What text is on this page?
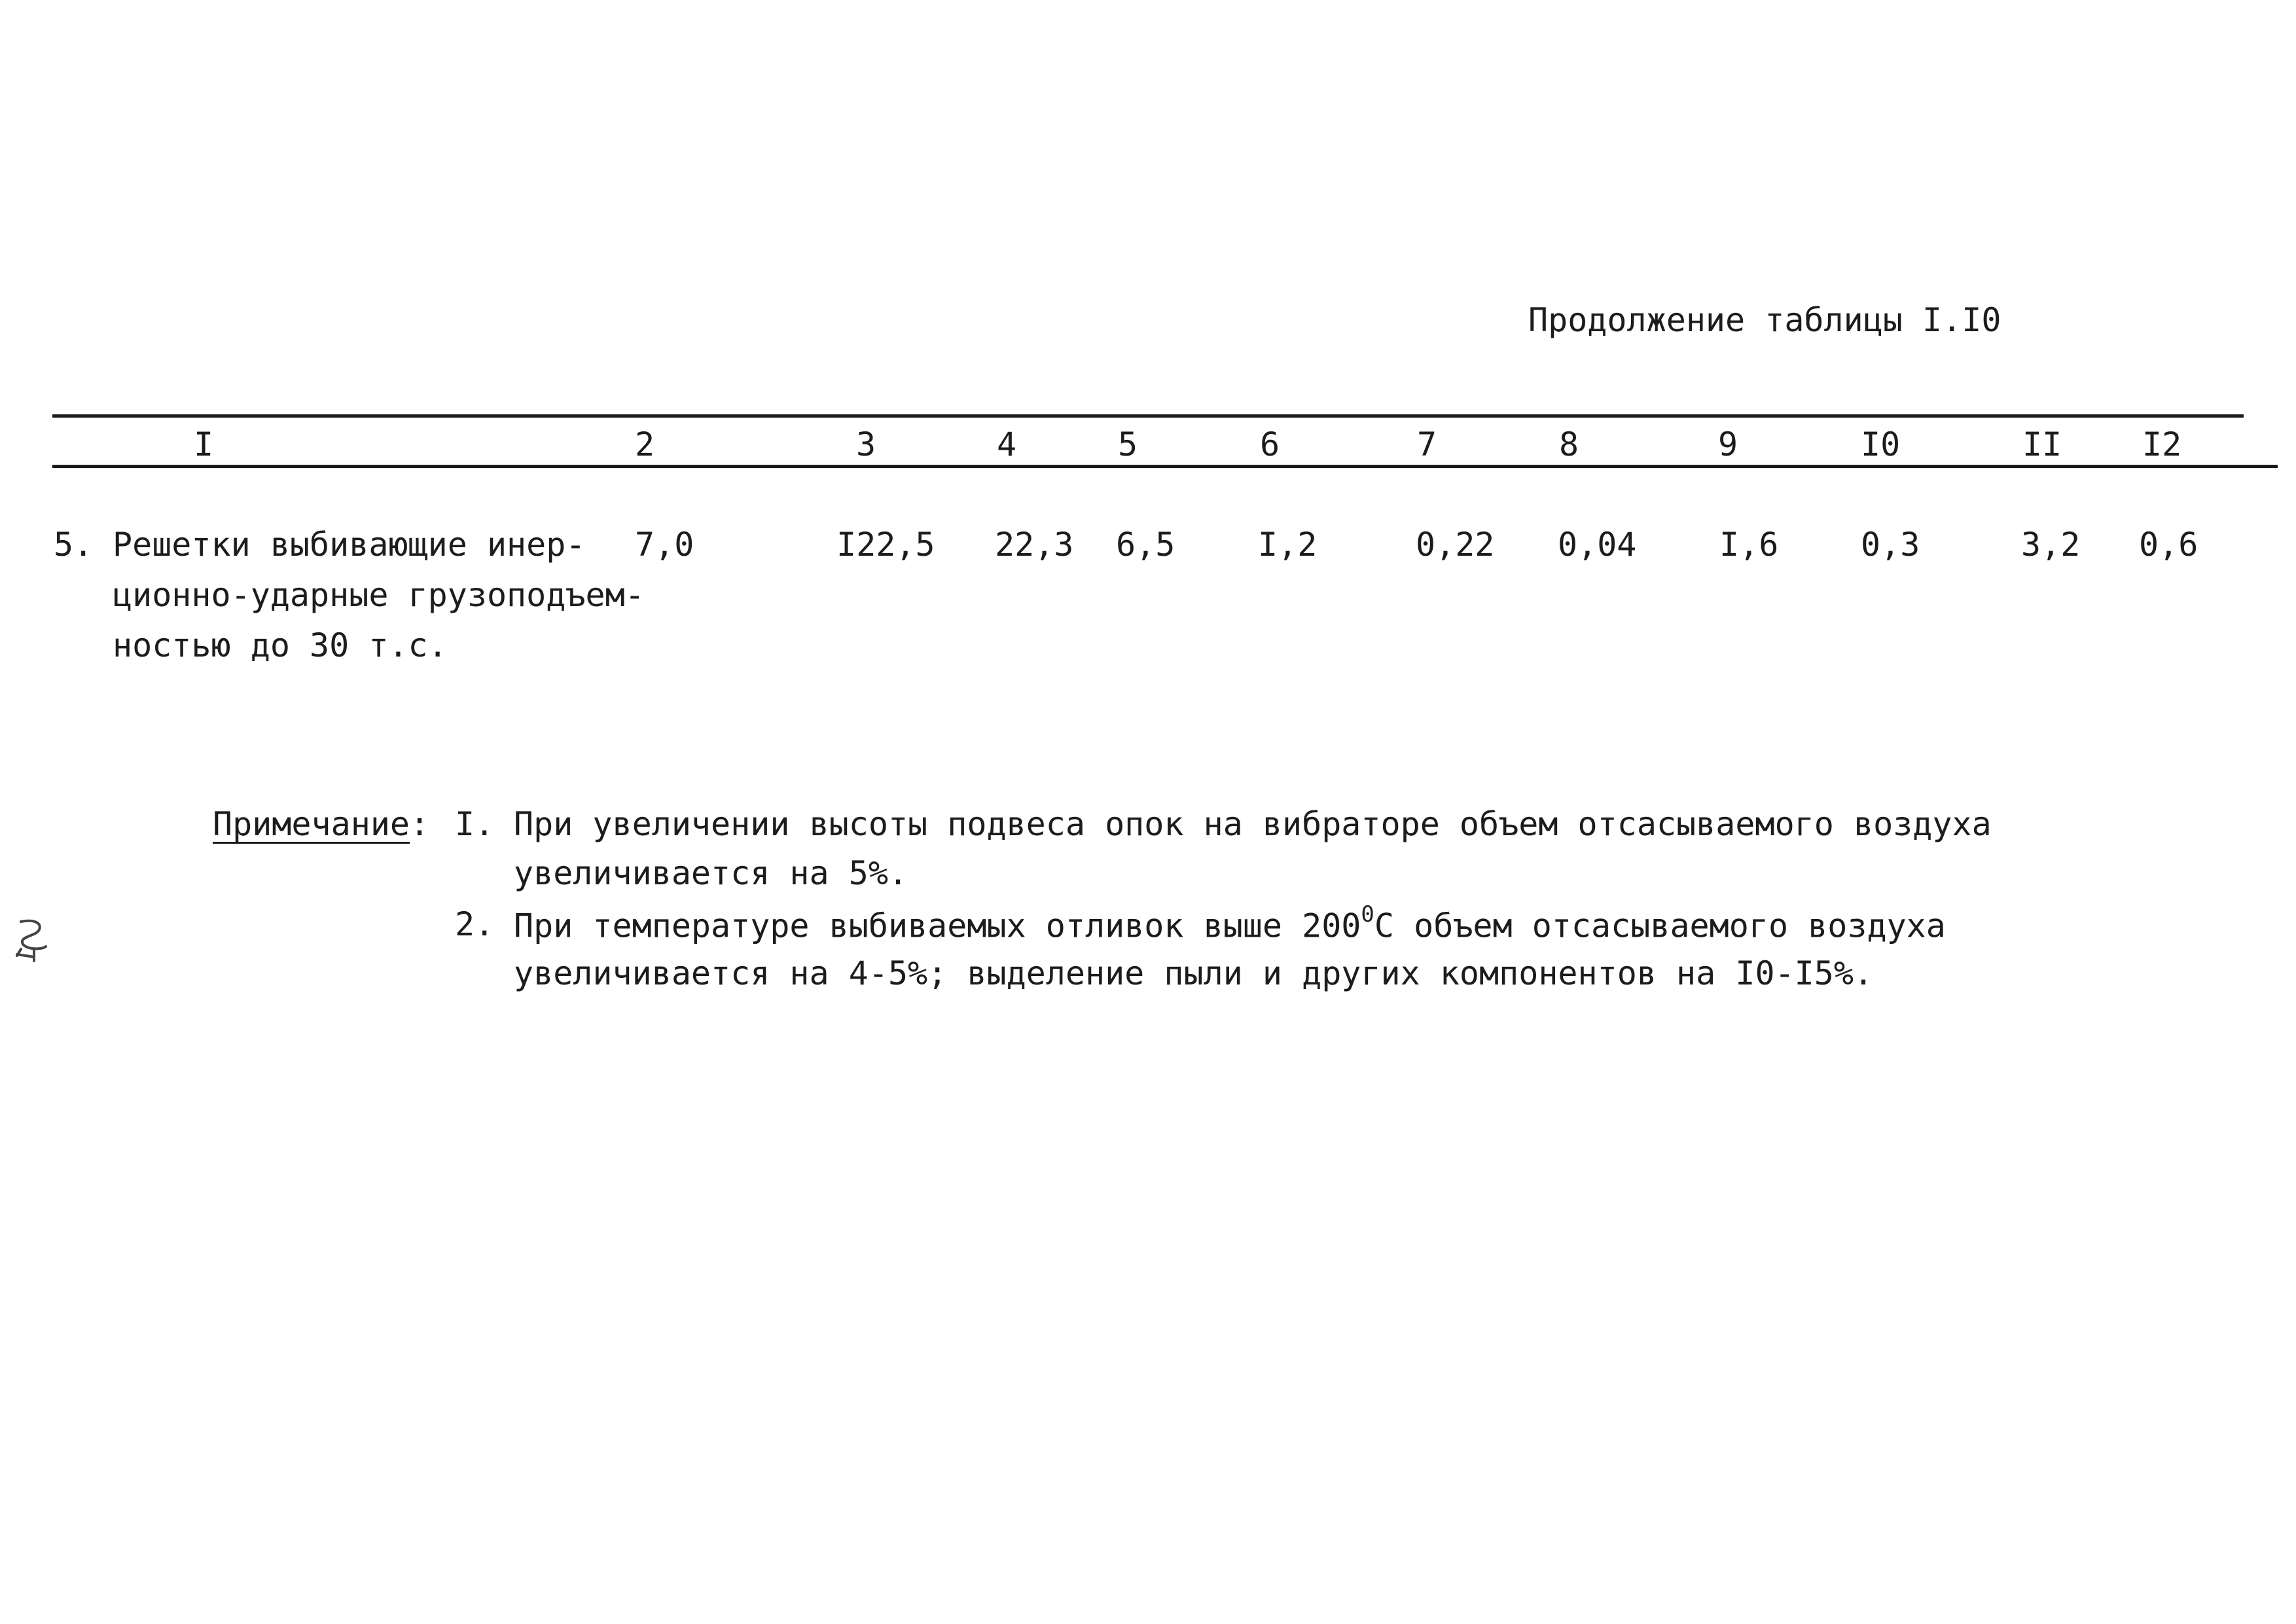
Продолжение таблицы I.I0
I	2	3	4	5	6	7	8	9	I0	II I2
5. Решетки выбивающие инер-
ционно-ударные грузоподъем-
ностью до 30 т.с.
7,0	I22,5 22,3 6,5	I,2	0,22 0,04	I,6	0,3	3,2 0,6
Примечание: I. При увеличении высоты подвеса опок на вибраторе объем отсасываемого воздуха
увеличивается на 5%.
2. При температуре выбиваемых отливок выше $200^0С$ объем отсасываемого воздуха
увеличивается на 4-5%; выделение пыли и других компонентов на I0-I5%.
